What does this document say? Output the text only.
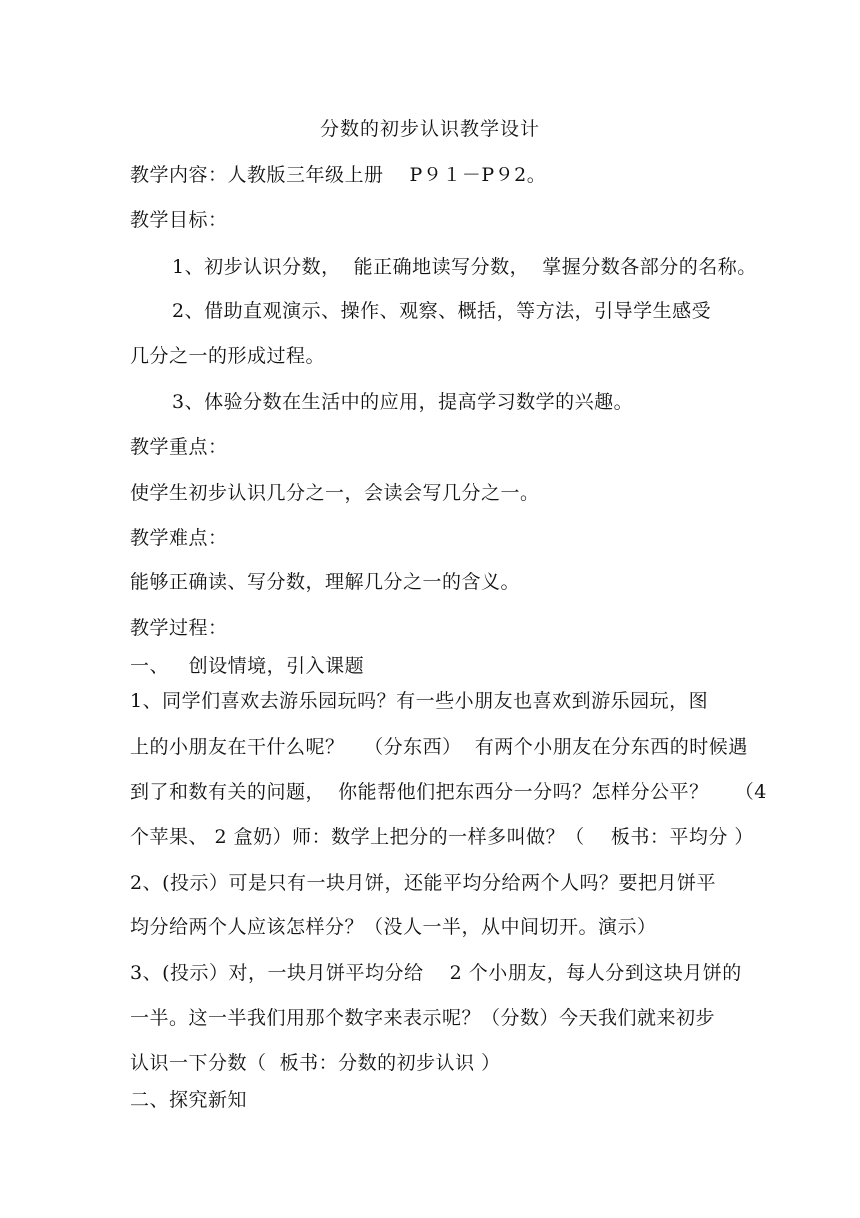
分数的初步认识教学设计
教学内容：人教版三年级上册　 P９１－P９2。
教学目标：
1、初步认识分数，  能正确地读写分数，  掌握分数各部分的名称。
2、借助直观演示、操作、观察、概括，等方法，引导学生感受
几分之一的形成过程。
3、体验分数在生活中的应用，提高学习数学的兴趣。
教学重点：
使学生初步认识几分之一，会读会写几分之一。
教学难点：
能够正确读、写分数，理解几分之一的含义。
教学过程：
一、   创设情境，引入课题
1、同学们喜欢去游乐园玩吗？有一些小朋友也喜欢到游乐园玩，图
上的小朋友在干什么呢？   （分东西）  有两个小朋友在分东西的时候遇
到了和数有关的问题，  你能帮他们把东西分一分吗？怎样分公平？    （4
个苹果、 2 盒奶）师：数学上把分的一样多叫做？（    板书：平均分 ）
2、(投示）可是只有一块月饼，还能平均分给两个人吗？要把月饼平
均分给两个人应该怎样分？（没人一半，从中间切开。演示）
3、(投示）对，一块月饼平均分给    2 个小朋友，每人分到这块月饼的
一半。这一半我们用那个数字来表示呢？（分数）今天我们就来初步
认识一下分数（  板书：分数的初步认识 ）
二、探究新知
